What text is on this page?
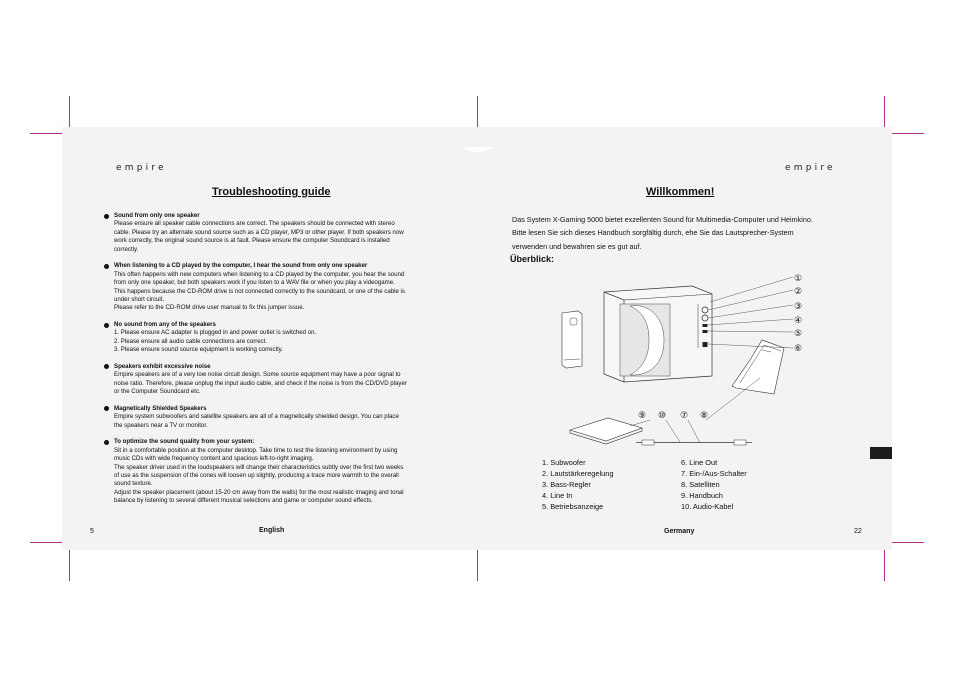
empire	empire
Troubleshooting guide
Sound from only one speaker
Please ensure all speaker cable connections are correct. The speakers should be connected with stereo
cable. Please try an alternate sound source such as a CD player, MP3 or other player. If both speakers now
work correctly, the original sound source is at fault. Please ensure the computer Soundcard is installed
correctly.
When listening to a CD played by the computer, I hear the sound from only one speaker
This often happens with new computers when listening to a CD played by the computer, you hear the sound
from only one speaker, but both speakers work if you listen to a WAV file or when you play a videogame.
This happens because the CD-ROM drive is not connected correctly to the soundcard, or one of the cable is
under short circuit.
Please refer to the CD-ROM drive user manual to fix this jumper issue.
No sound from any of the speakers
1. Please ensure AC adapter is plugged in and power outlet is switched on.
2. Please ensure all audio cable connections are correct.
3. Please ensure sound source equipment is working correctly.
Speakers exhibit excessive noise
Empire speakers are of a very low noise circuit design. Some source equipment may have a poor signal to
noise ratio. Therefore, please unplug the input audio cable, and check if the noise is from the CD/DVD player
or the Computer Soundcard etc.
Magnetically Shielded Speakers
Empire system subwoofers and satellite speakers are all of a magnetically shielded design. You can place
the speakers near a TV or monitor.
To optimize the sound quality from your system:
Sit in a comfortable position at the computer desktop. Take time to test the listening environment by using
music CDs with wide frequency content and spacious left-to-right imaging.
The speaker driver used in the loudspeakers will change their characteristics subtly over the first two weeks
of use as the suspension of the cones will loosen up slightly, producing a trace more warmth to the overall
sound texture.
Adjust the speaker placement (about 15-20 cm away from the walls) for the most realistic imaging and tonal
balance by listening to several different musical selections and game or computer sound effects.
Willkommen!
Das System X-Gaming 5000 bietet exzellenten Sound für Multimedia-Computer und Heimkino.
Bitte lesen Sie sich dieses Handbuch sorgfältig durch, ehe Sie das Lautsprecher-System
verwenden und bewahren sie es gut auf.
Überblick:
①
②
③
④
⑤
⑥
⑨ ⑩ ⑦ ⑧
1. Subwoofer
2. Lautstärkeregelung
3. Bass-Regler
4. Line In
5. Betriebsanzeige
6. Line Out
7. Ein-/Aus-Schalter
8. Satelliten
9. Handbuch
10. Audio-Kabel
5	English	Germany	22
